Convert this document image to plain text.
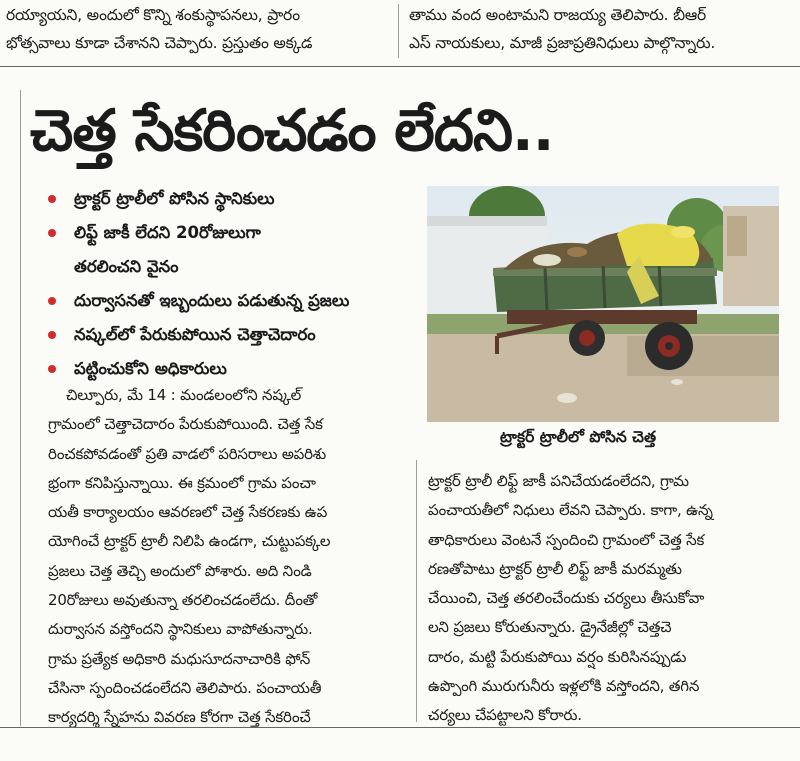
రయ్యాయని, అందులో కొన్ని శంకుస్థాపనలు, ప్రారం
భోత్సవాలు కూడా చేశానని చెప్పారు. ప్రస్తుతం అక్కడ
తాము వంద అంటామని రాజయ్య తెలిపారు. బీఆర్
ఎస్ నాయకులు, మాజీ ప్రజాప్రతినిధులు పాల్గొన్నారు.
చెత్త సేకరించడం లేదని..
ట్రాక్టర్ ట్రాలీలో పోసిన స్థానికులు
లిఫ్ట్ జాకీ లేదని 20రోజులుగా
తరలించని వైనం
దుర్వాసనతో ఇబ్బందులు పడుతున్న ప్రజలు
నష్కల్‌లో పేరుకుపోయిన చెత్తాచెదారం
పట్టించుకోని అధికారులు
ట్రాక్టర్ ట్రాలీలో పోసిన చెత్త
చిల్పూరు, మే 14 : మండలంలోని నష్కల్
గ్రామంలో చెత్తాచెదారం పేరుకుపోయింది. చెత్త సేక
రించకపోవడంతో ప్రతి వాడలో పరిసరాలు అపరిశు
భ్రంగా కనిపిస్తున్నాయి. ఈ క్రమంలో గ్రామ పంచా
యతీ కార్యాలయం ఆవరణలో చెత్త సేకరణకు ఉప
యోగించే ట్రాక్టర్ ట్రాలీ నిలిపి ఉండగా, చుట్టుపక్కల
ప్రజలు చెత్త తెచ్చి అందులో పోశారు. అది నిండి
20రోజులు అవుతున్నా తరలించడంలేదు. దీంతో
దుర్వాసన వస్తోందని స్థానికులు వాపోతున్నారు.
గ్రామ ప్రత్యేక అధికారి మధుసూదనాచారికి ఫోన్
చేసినా స్పందించడంలేదని తెలిపారు. పంచాయతీ
కార్యదర్శి స్నేహను వివరణ కోరగా చెత్త సేకరించే
ట్రాక్టర్ ట్రాలీ లిఫ్ట్ జాకీ పనిచేయడంలేదని, గ్రామ
పంచాయతీలో నిధులు లేవని చెప్పారు. కాగా, ఉన్న
తాధికారులు వెంటనే స్పందించి గ్రామంలో చెత్త సేక
రణతోపాటు ట్రాక్టర్ ట్రాలీ లిఫ్ట్ జాకీ మరమ్మతు
చేయించి, చెత్త తరలించేందుకు చర్యలు తీసుకోవా
లని ప్రజలు కోరుతున్నారు. డ్రైనేజీల్లో చెత్తచె
దారం, మట్టి పేరుకుపోయి వర్షం కురిసినప్పుడు
ఉప్పొంగి మురుగునీరు ఇళ్లలోకి వస్తోందని, తగిన
చర్యలు చేపట్టాలని కోరారు.
